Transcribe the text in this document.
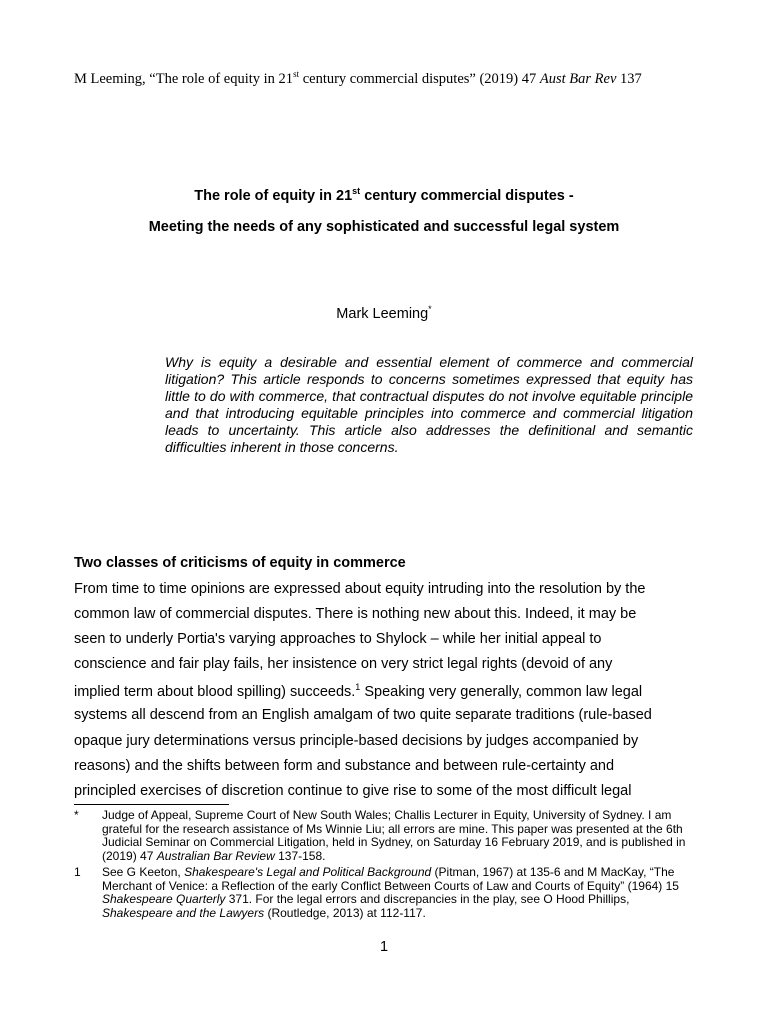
M Leeming, “The role of equity in 21st century commercial disputes” (2019) 47 Aust Bar Rev 137
The role of equity in 21st century commercial disputes -
Meeting the needs of any sophisticated and successful legal system
Mark Leeming*
Why is equity a desirable and essential element of commerce and commercial litigation? This article responds to concerns sometimes expressed that equity has little to do with commerce, that contractual disputes do not involve equitable principle and that introducing equitable principles into commerce and commercial litigation leads to uncertainty. This article also addresses the definitional and semantic difficulties inherent in those concerns.
Two classes of criticisms of equity in commerce
From time to time opinions are expressed about equity intruding into the resolution by the
common law of commercial disputes. There is nothing new about this. Indeed, it may be
seen to underly Portia's varying approaches to Shylock – while her initial appeal to
conscience and fair play fails, her insistence on very strict legal rights (devoid of any
implied term about blood spilling) succeeds.$^1$ Speaking very generally, common law legal
systems all descend from an English amalgam of two quite separate traditions (rule-based
opaque jury determinations versus principle-based decisions by judges accompanied by
reasons) and the shifts between form and substance and between rule-certainty and
principled exercises of discretion continue to give rise to some of the most difficult legal
* Judge of Appeal, Supreme Court of New South Wales; Challis Lecturer in Equity, University of Sydney. I am grateful for the research assistance of Ms Winnie Liu; all errors are mine. This paper was presented at the 6th Judicial Seminar on Commercial Litigation, held in Sydney, on Saturday 16 February 2019, and is published in (2019) 47 Australian Bar Review 137-158.
1 See G Keeton, Shakespeare's Legal and Political Background (Pitman, 1967) at 135-6 and M MacKay, “The Merchant of Venice: a Reflection of the early Conflict Between Courts of Law and Courts of Equity” (1964) 15 Shakespeare Quarterly 371. For the legal errors and discrepancies in the play, see O Hood Phillips, Shakespeare and the Lawyers (Routledge, 2013) at 112-117.
1
